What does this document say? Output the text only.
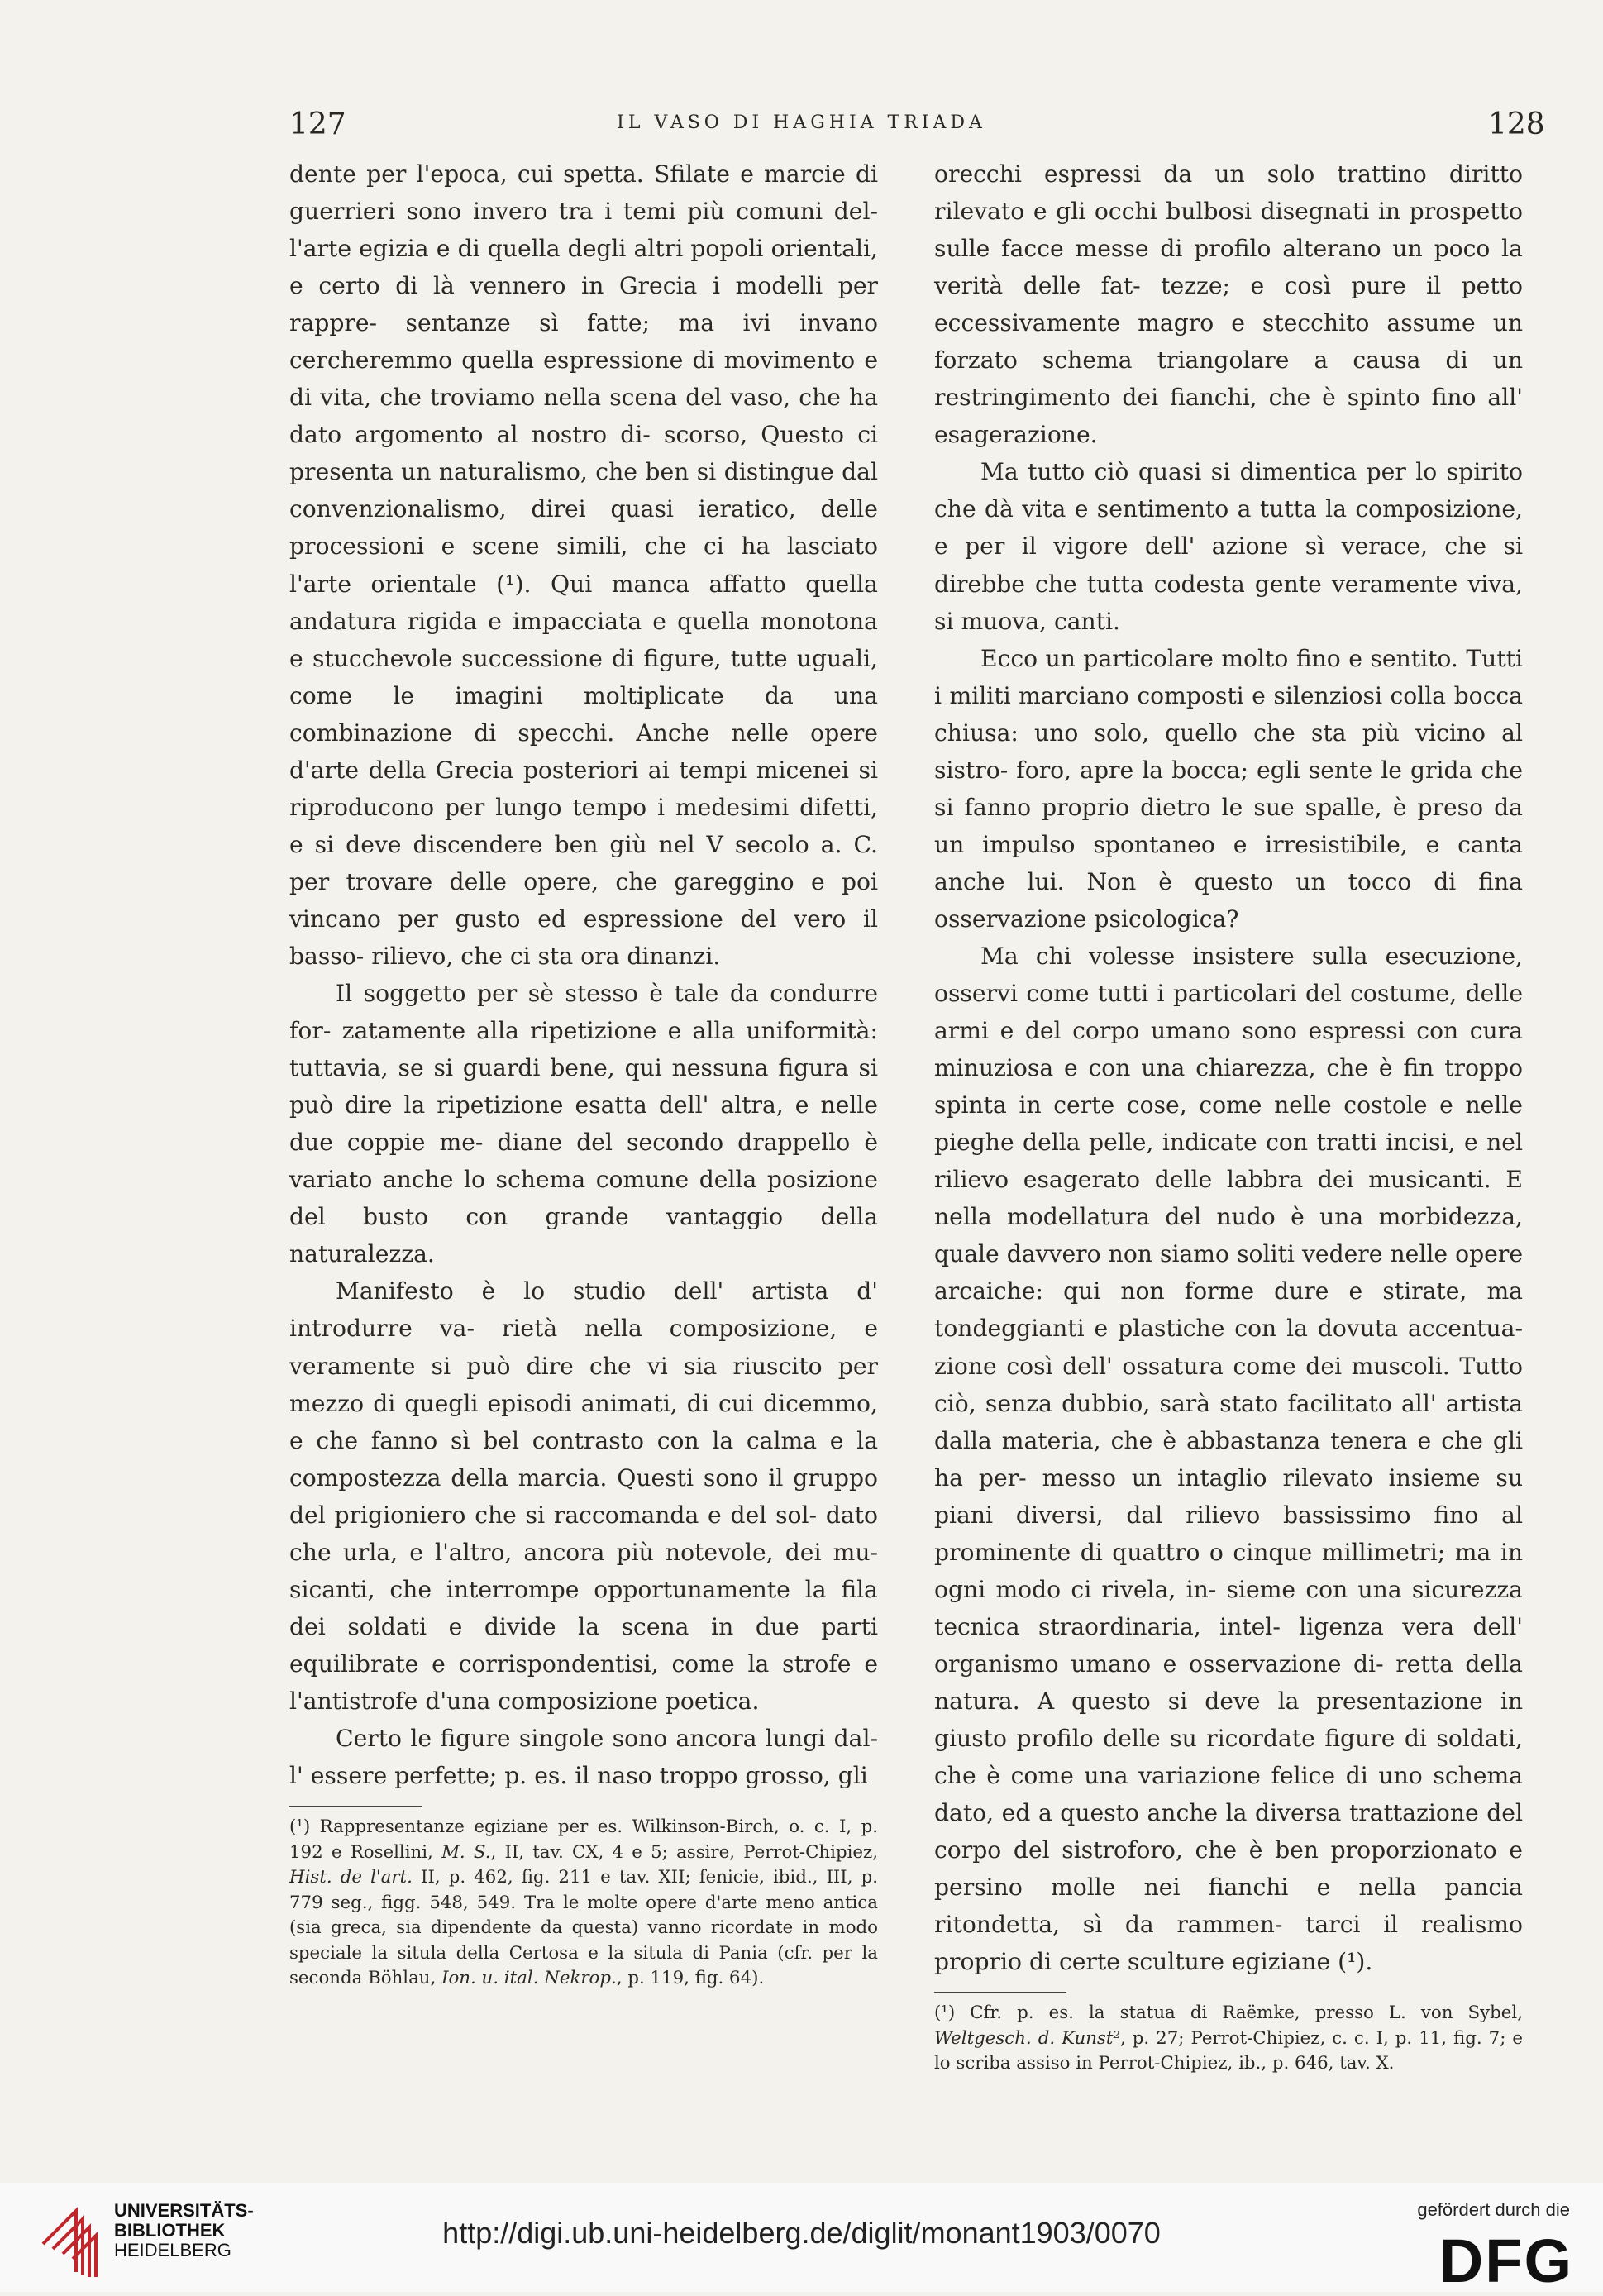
127	IL VASO DI HAGHIA TRIADA	128

dente per l'epoca, cui spetta. Sfilate e marcie di guerrieri sono invero tra i temi più comuni del- l'arte egizia e di quella degli altri popoli orientali, e certo di là vennero in Grecia i modelli per rappre- sentanze sì fatte; ma ivi invano cercheremmo quella espressione di movimento e di vita, che troviamo nella scena del vaso, che ha dato argomento al nostro di- scorso, Questo ci presenta un naturalismo, che ben si distingue dal convenzionalismo, direi quasi ieratico, delle processioni e scene simili, che ci ha lasciato l'arte orientale (¹). Qui manca affatto quella andatura rigida e impacciata e quella monotona e stucchevole successione di figure, tutte uguali, come le imagini moltiplicate da una combinazione di specchi. Anche nelle opere d'arte della Grecia posteriori ai tempi micenei si riproducono per lungo tempo i medesimi difetti, e si deve discendere ben giù nel V secolo a. C. per trovare delle opere, che gareggino e poi vincano per gusto ed espressione del vero il basso- rilievo, che ci sta ora dinanzi.

Il soggetto per sè stesso è tale da condurre for- zatamente alla ripetizione e alla uniformità: tuttavia, se si guardi bene, qui nessuna figura si può dire la ripetizione esatta dell' altra, e nelle due coppie me- diane del secondo drappello è variato anche lo schema comune della posizione del busto con grande vantaggio della naturalezza.

Manifesto è lo studio dell' artista d' introdurre va- rietà nella composizione, e veramente si può dire che vi sia riuscito per mezzo di quegli episodi animati, di cui dicemmo, e che fanno sì bel contrasto con la calma e la compostezza della marcia. Questi sono il gruppo del prigioniero che si raccomanda e del sol- dato che urla, e l'altro, ancora più notevole, dei mu- sicanti, che interrompe opportunamente la fila dei soldati e divide la scena in due parti equilibrate e corrispondentisi, come la strofe e l'antistrofe d'una composizione poetica.

Certo le figure singole sono ancora lungi dal- l' essere perfette; p. es. il naso troppo grosso, gli

(¹) Rappresentanze egiziane per es. Wilkinson-Birch, o. c. I, p. 192 e Rosellini, M. S., II, tav. CX, 4 e 5; assire, Perrot-Chipiez, Hist. de l'art. II, p. 462, fig. 211 e tav. XII; fenicie, ibid., III, p. 779 seg., figg. 548, 549. Tra le molte opere d'arte meno antica (sia greca, sia dipendente da questa) vanno ricordate in modo speciale la situla della Certosa e la situla di Pania (cfr. per la seconda Böhlau, Ion. u. ital. Nekrop., p. 119, fig. 64).

orecchi espressi da un solo trattino diritto rilevato e gli occhi bulbosi disegnati in prospetto sulle facce messe di profilo alterano un poco la verità delle fat- tezze; e così pure il petto eccessivamente magro e stecchito assume un forzato schema triangolare a causa di un restringimento dei fianchi, che è spinto fino all' esagerazione.

Ma tutto ciò quasi si dimentica per lo spirito che dà vita e sentimento a tutta la composizione, e per il vigore dell' azione sì verace, che si direbbe che tutta codesta gente veramente viva, si muova, canti.

Ecco un particolare molto fino e sentito. Tutti i militi marciano composti e silenziosi colla bocca chiusa: uno solo, quello che sta più vicino al sistro- foro, apre la bocca; egli sente le grida che si fanno proprio dietro le sue spalle, è preso da un impulso spontaneo e irresistibile, e canta anche lui. Non è questo un tocco di fina osservazione psicologica?

Ma chi volesse insistere sulla esecuzione, osservi come tutti i particolari del costume, delle armi e del corpo umano sono espressi con cura minuziosa e con una chiarezza, che è fin troppo spinta in certe cose, come nelle costole e nelle pieghe della pelle, indicate con tratti incisi, e nel rilievo esagerato delle labbra dei musicanti. E nella modellatura del nudo è una morbidezza, quale davvero non siamo soliti vedere nelle opere arcaiche: qui non forme dure e stirate, ma tondeggianti e plastiche con la dovuta accentua- zione così dell' ossatura come dei muscoli. Tutto ciò, senza dubbio, sarà stato facilitato all' artista dalla materia, che è abbastanza tenera e che gli ha per- messo un intaglio rilevato insieme su piani diversi, dal rilievo bassissimo fino al prominente di quattro o cinque millimetri; ma in ogni modo ci rivela, in- sieme con una sicurezza tecnica straordinaria, intel- ligenza vera dell' organismo umano e osservazione di- retta della natura. A questo si deve la presentazione in giusto profilo delle su ricordate figure di soldati, che è come una variazione felice di uno schema dato, ed a questo anche la diversa trattazione del corpo del sistroforo, che è ben proporzionato e persino molle nei fianchi e nella pancia ritondetta, sì da rammen- tarci il realismo proprio di certe sculture egiziane (¹).

(¹) Cfr. p. es. la statua di Raëmke, presso L. von Sybel, Weltgesch. d. Kunst², p. 27; Perrot-Chipiez, c. c. I, p. 11, fig. 7; e lo scriba assiso in Perrot-Chipiez, ib., p. 646, tav. X.
UNIVERSITÄTS-
BIBLIOTHEK
HEIDELBERG
http://digi.ub.uni-heidelberg.de/diglit/monant1903/0070
gefördert durch die
DFG
